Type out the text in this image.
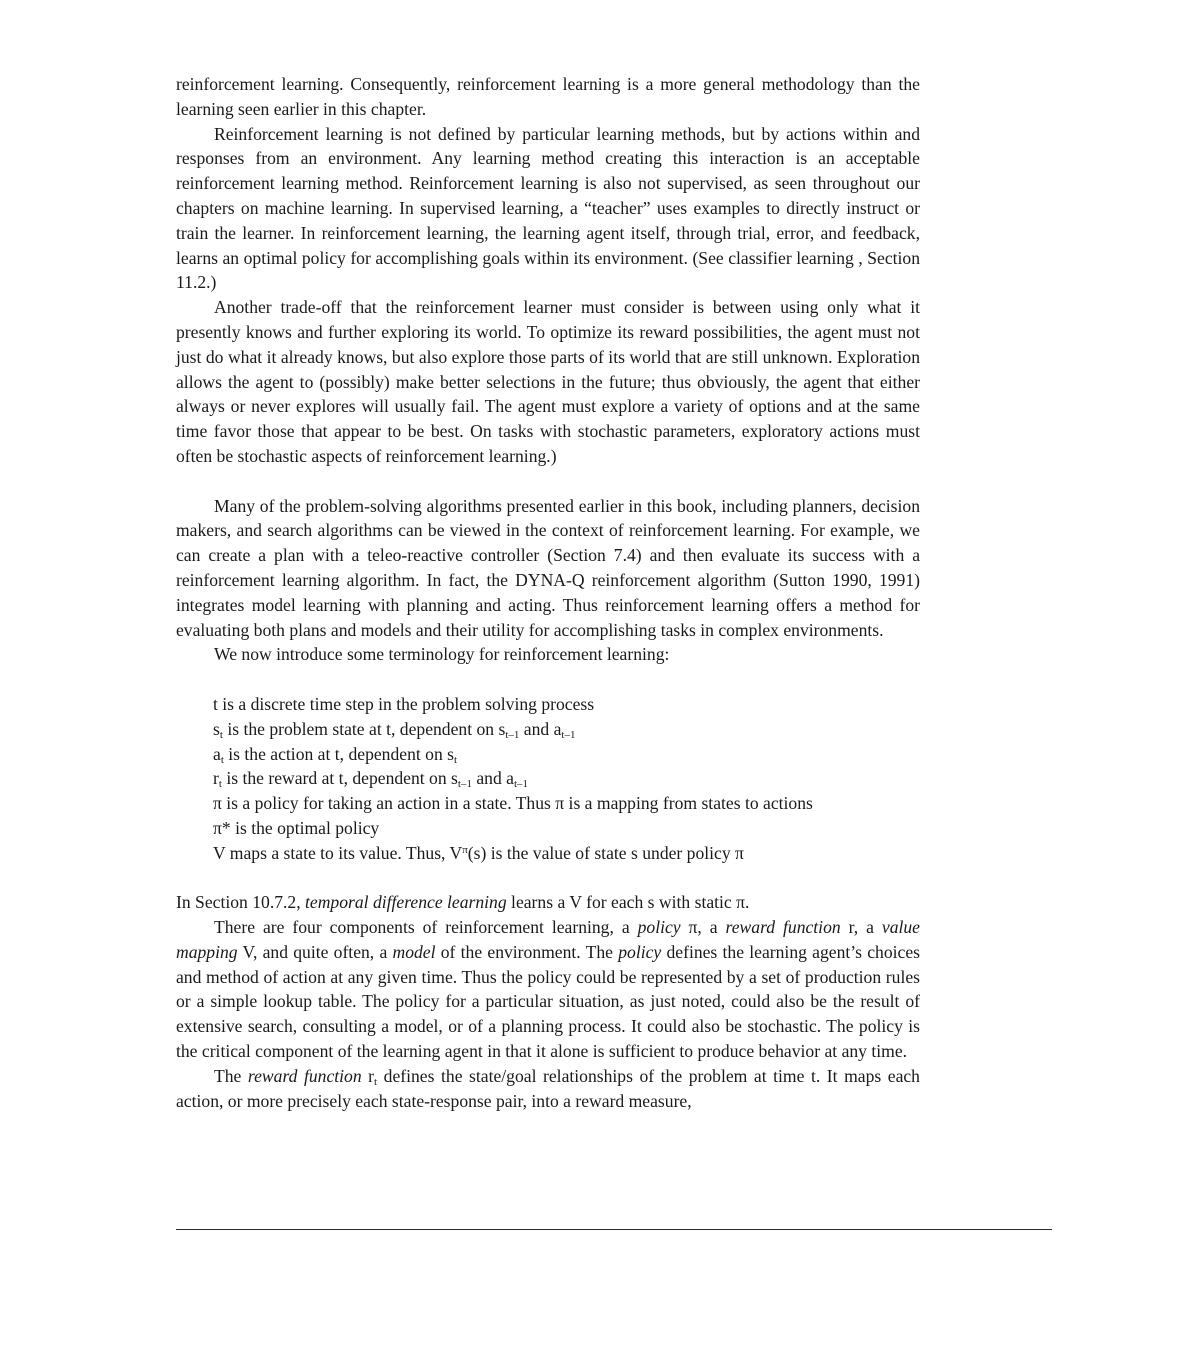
reinforcement learning. Consequently, reinforcement learning is a more general methodology than the learning seen earlier in this chapter.

Reinforcement learning is not defined by particular learning methods, but by actions within and responses from an environment. Any learning method creating this interaction is an acceptable reinforcement learning method. Reinforcement learning is also not supervised, as seen throughout our chapters on machine learning. In supervised learning, a “teacher” uses examples to directly instruct or train the learner. In reinforcement learning, the learning agent itself, through trial, error, and feedback, learns an optimal policy for accomplishing goals within its environment. (See classifier learning , Section 11.2.)

Another trade-off that the reinforcement learner must consider is between using only what it presently knows and further exploring its world. To optimize its reward possibilities, the agent must not just do what it already knows, but also explore those parts of its world that are still unknown. Exploration allows the agent to (possibly) make better selections in the future; thus obviously, the agent that either always or never explores will usually fail. The agent must explore a variety of options and at the same time favor those that appear to be best. On tasks with stochastic parameters, exploratory actions must often be stochastic aspects of reinforcement learning.)

Many of the problem-solving algorithms presented earlier in this book, including planners, decision makers, and search algorithms can be viewed in the context of reinforcement learning. For example, we can create a plan with a teleo-reactive controller (Section 7.4) and then evaluate its success with a reinforcement learning algorithm. In fact, the DYNA-Q reinforcement algorithm (Sutton 1990, 1991) integrates model learning with planning and acting. Thus reinforcement learning offers a method for evaluating both plans and models and their utility for accomplishing tasks in complex environments.

We now introduce some terminology for reinforcement learning:

t is a discrete time step in the problem solving process
$s_t$ is the problem state at t, dependent on $s_{t-1}$ and $a_{t-1}$
$a_t$ is the action at t, dependent on $s_t$
$r_t$ is the reward at t, dependent on $s_{t-1}$ and $a_{t-1}$
π is a policy for taking an action in a state. Thus π is a mapping from states to actions
π* is the optimal policy
V maps a state to its value. Thus, $V^\pi(s)$ is the value of state s under policy π

In Section 10.7.2, temporal difference learning learns a V for each s with static π.

There are four components of reinforcement learning, a policy π, a reward function r, a value mapping V, and quite often, a model of the environment. The policy defines the learning agent’s choices and method of action at any given time. Thus the policy could be represented by a set of production rules or a simple lookup table. The policy for a particular situation, as just noted, could also be the result of extensive search, consulting a model, or of a planning process. It could also be stochastic. The policy is the critical component of the learning agent in that it alone is sufficient to produce behavior at any time.

The reward function $r_t$ defines the state/goal relationships of the problem at time t. It maps each action, or more precisely each state-response pair, into a reward measure,
